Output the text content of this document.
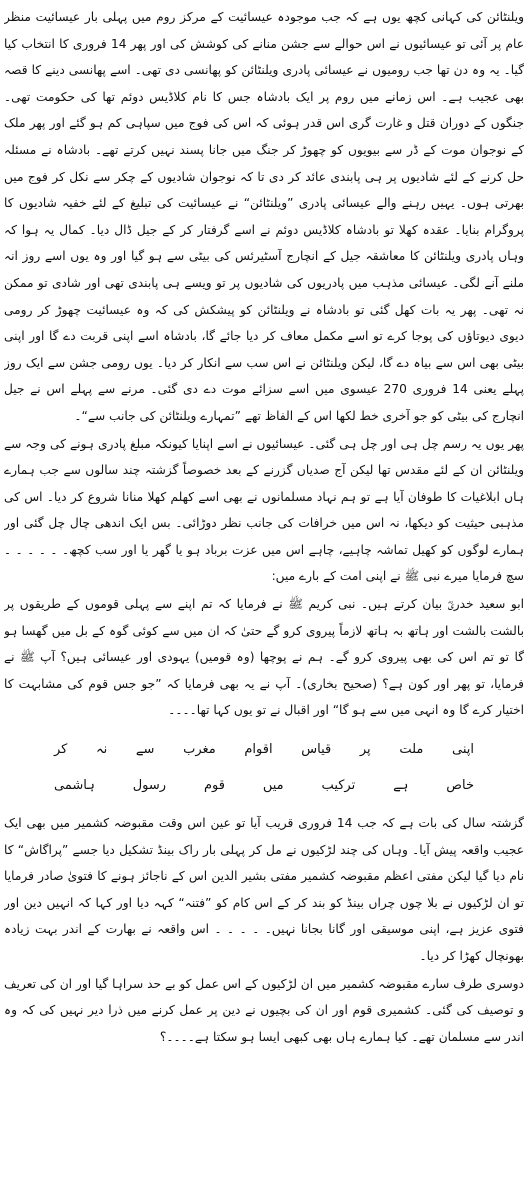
ویلنٹائن کی کہانی کچھ یوں ہے کہ جب موجودہ عیسائیت کے مرکز روم میں پہلی بار عیسائیت منظر عام پر آئی تو عیسائیوں نے اس حوالے سے جشن منانے کی کوشش کی اور پھر 14 فروری کا انتخاب کیا گیا۔ یہ وہ دن تھا جب رومیوں نے عیسائی پادری ویلنٹائن کو پھانسی دی تھی۔ اسے پھانسی دینے کا قصہ بھی عجیب ہے۔ اس زمانے میں روم پر ایک بادشاہ جس کا نام کلاڈیس دوئم تھا کی حکومت تھی۔ جنگوں کے دوران قتل و غارت گری اس قدر ہوئی کہ اس کی فوج میں سپاہی کم ہو گئے اور پھر ملک کے نوجوان موت کے ڈر سے بیویوں کو چھوڑ کر جنگ میں جانا پسند نہیں کرتے تھے۔ بادشاہ نے مسئلہ حل کرنے کے لئے شادیوں پر ہی پابندی عائد کر دی تا کہ نوجوان شادیوں کے چکر سے نکل کر فوج میں بھرتی ہوں۔ یہیں رہنے والے عیسائی پادری ”ویلنٹائن“ نے عیسائیت کی تبلیغ کے لئے خفیہ شادیوں کا پروگرام بنایا۔ عقدہ کھلا تو بادشاہ کلاڈیس دوئم نے اسے گرفتار کر کے جیل ڈال دیا۔ کمال یہ ہوا کہ وہاں پادری ویلنٹائن کا معاشقہ جیل کے انچارج آسٹیرئس کی بیٹی سے ہو گیا اور وہ یوں اسے روز انہ ملنے آنے لگی۔ عیسائی مذہب میں پادریوں کی شادیوں پر تو ویسے ہی پابندی تھی اور شادی تو ممکن نہ تھی۔ پھر یہ بات کھل گئی تو بادشاہ نے ویلنٹائن کو پیشکش کی کہ وہ عیسائیت چھوڑ کر رومی دیوی دیوتاؤں کی پوجا کرے تو اسے مکمل معاف کر دیا جائے گا، بادشاہ اسے اپنی قربت دے گا اور اپنی بیٹی بھی اس سے بیاہ دے گا، لیکن ویلنٹائن نے اس سب سے انکار کر دیا۔ یوں رومی جشن سے ایک روز پہلے یعنی 14 فروری 270 عیسوی میں اسے سزائے موت دے دی گئی۔ مرنے سے پہلے اس نے جیل انچارج کی بیٹی کو جو آخری خط لکھا اس کے الفاظ تھے ”تمہارے ویلنٹائن کی جانب سے“۔

پھر یوں یہ رسم چل ہی اور چل ہی گئی۔ عیسائیوں نے اسے اپنایا کیونکہ مبلغ پادری ہونے کی وجہ سے ویلنٹائن ان کے لئے مقدس تھا لیکن آج صدیاں گزرنے کے بعد خصوصاً گزشتہ چند سالوں سے جب ہمارے ہاں ابلاغیات کا طوفان آیا ہے تو ہم نہاد مسلمانوں نے بھی اسے کھلم کھلا منانا شروع کر دیا۔ اس کی مذہبی حیثیت کو دیکھا، نہ اس میں خرافات کی جانب نظر دوڑائی۔ بس ایک اندھی چال چل گئی اور ہمارے لوگوں کو کھیل تماشہ چاہیے، چاہے اس میں عزت برباد ہو یا گھر یا اور سب کچھ۔ ۔ ۔ ۔ ۔ ۔ سچ فرمایا میرے نبی ﷺ نے اپنی امت کے بارے میں:

ابو سعید خدریؓ بیان کرتے ہیں۔ نبی کریم ﷺ نے فرمایا کہ تم اپنے سے پہلی قوموں کے طریقوں پر بالشت بالشت اور ہاتھ بہ ہاتھ لازماً پیروی کرو گے حتیٰ کہ ان میں سے کوئی گوہ کے بل میں گھسا ہو گا تو تم اس کی بھی پیروی کرو گے۔ ہم نے پوچھا (وہ قومیں) یہودی اور عیسائی ہیں؟ آپ ﷺ نے فرمایا، تو پھر اور کون ہے؟ (صحیح بخاری)۔ آپ نے یہ بھی فرمایا کہ ”جو جس قوم کی مشابہت کا اختیار کرے گا وہ انہی میں سے ہو گا“ اور اقبال نے تو یوں کہا تھا۔۔۔۔

اپنی ملت پر قیاس اقوام مغرب سے نہ کر
خاص ہے ترکیب میں قوم رسول ہاشمی

گزشتہ سال کی بات ہے کہ جب 14 فروری قریب آیا تو عین اس وقت مقبوضہ کشمیر میں بھی ایک عجیب واقعہ پیش آیا۔ وہاں کی چند لڑکیوں نے مل کر پہلی بار راک بینڈ تشکیل دیا جسے ”پراگاش“ کا نام دیا گیا لیکن مفتی اعظم مقبوضہ کشمیر مفتی بشیر الدین اس کے ناجائز ہونے کا فتویٰ صادر فرمایا تو ان لڑکیوں نے بلا چوں چراں بینڈ کو بند کر کے اس کام کو ”فتنہ“ کہہ دیا اور کہا کہ انہیں دین اور فتوی عزیز ہے، اپنی موسیقی اور گانا بجانا نہیں۔ ۔ ۔ ۔ ۔ اس واقعہ نے بھارت کے اندر بہت زیادہ بھونچال کھڑا کر دیا۔

دوسری طرف سارے مقبوضہ کشمیر میں ان لڑکیوں کے اس عمل کو بے حد سراہا گیا اور ان کی تعریف و توصیف کی گئی۔ کشمیری قوم اور ان کی بچیوں نے دین پر عمل کرنے میں ذرا دیر نہیں کی کہ وہ اندر سے مسلمان تھے۔ کیا ہمارے ہاں بھی کبھی ایسا ہو سکتا ہے۔۔۔۔؟
